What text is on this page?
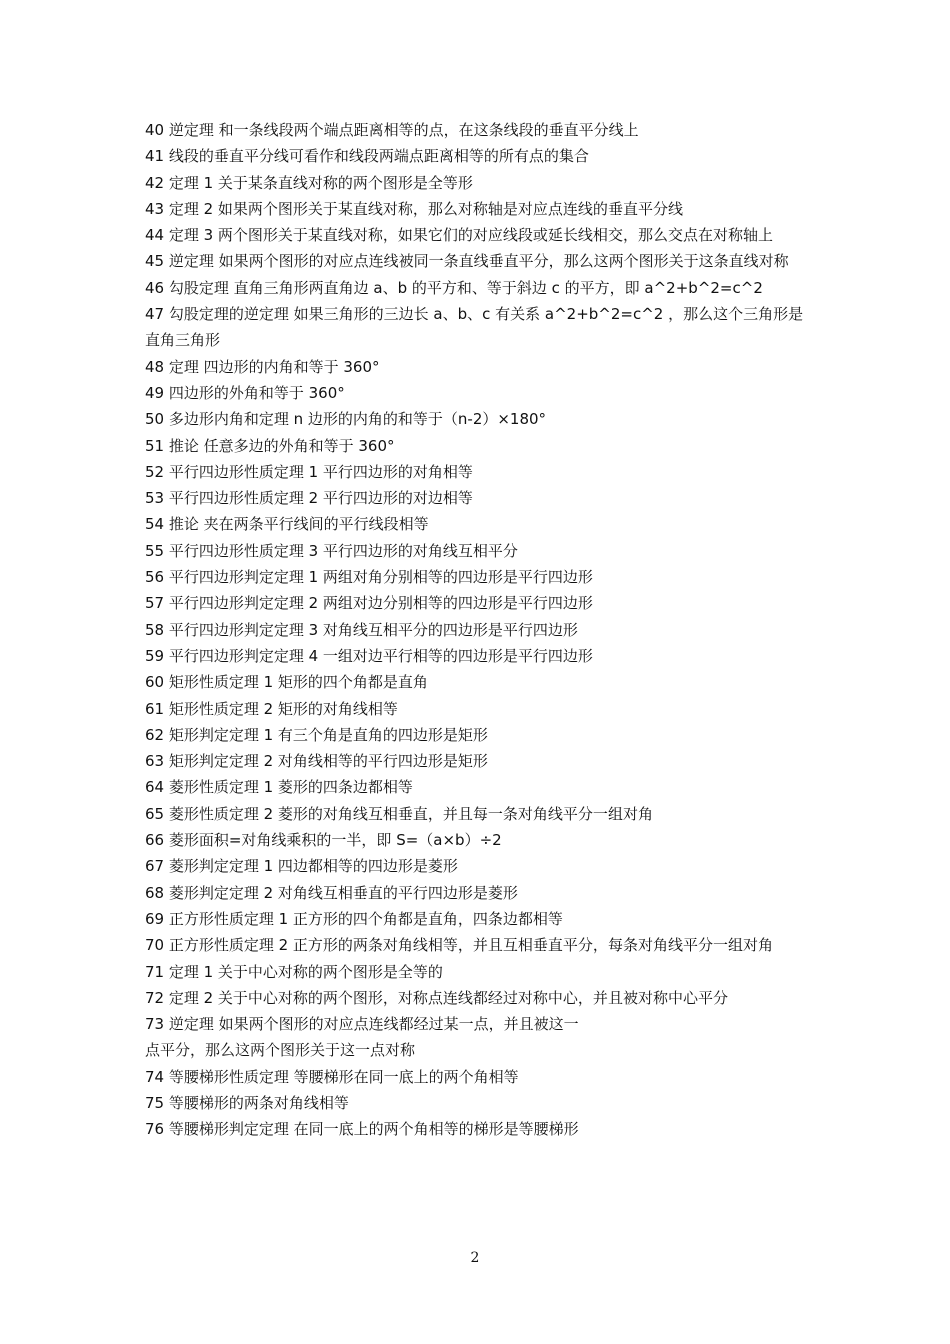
40 逆定理 和一条线段两个端点距离相等的点，在这条线段的垂直平分线上

41 线段的垂直平分线可看作和线段两端点距离相等的所有点的集合

42 定理 1 关于某条直线对称的两个图形是全等形

43 定理 2 如果两个图形关于某直线对称，那么对称轴是对应点连线的垂直平分线

44 定理 3 两个图形关于某直线对称，如果它们的对应线段或延长线相交，那么交点在对称轴上

45 逆定理 如果两个图形的对应点连线被同一条直线垂直平分，那么这两个图形关于这条直线对称

46 勾股定理 直角三角形两直角边 a、b 的平方和、等于斜边 c 的平方，即 a^2+b^2=c^2

47 勾股定理的逆定理 如果三角形的三边长 a、b、c 有关系 a^2+b^2=c^2 ，那么这个三角形是直角三角形

48 定理 四边形的内角和等于 360°

49 四边形的外角和等于 360°

50 多边形内角和定理 n 边形的内角的和等于（n-2）×180°

51 推论 任意多边的外角和等于 360°

52 平行四边形性质定理 1 平行四边形的对角相等

53 平行四边形性质定理 2 平行四边形的对边相等

54 推论 夹在两条平行线间的平行线段相等

55 平行四边形性质定理 3 平行四边形的对角线互相平分

56 平行四边形判定定理 1 两组对角分别相等的四边形是平行四边形

57 平行四边形判定定理 2 两组对边分别相等的四边形是平行四边形

58 平行四边形判定定理 3 对角线互相平分的四边形是平行四边形

59 平行四边形判定定理 4 一组对边平行相等的四边形是平行四边形

60 矩形性质定理 1 矩形的四个角都是直角

61 矩形性质定理 2 矩形的对角线相等

62 矩形判定定理 1 有三个角是直角的四边形是矩形

63 矩形判定定理 2 对角线相等的平行四边形是矩形

64 菱形性质定理 1 菱形的四条边都相等

65 菱形性质定理 2 菱形的对角线互相垂直，并且每一条对角线平分一组对角

66 菱形面积=对角线乘积的一半，即 S=（a×b）÷2

67 菱形判定定理 1 四边都相等的四边形是菱形

68 菱形判定定理 2 对角线互相垂直的平行四边形是菱形

69 正方形性质定理 1 正方形的四个角都是直角，四条边都相等

70 正方形性质定理 2 正方形的两条对角线相等，并且互相垂直平分，每条对角线平分一组对角

71 定理 1 关于中心对称的两个图形是全等的

72 定理 2 关于中心对称的两个图形，对称点连线都经过对称中心，并且被对称中心平分

73 逆定理 如果两个图形的对应点连线都经过某一点，并且被这一

点平分，那么这两个图形关于这一点对称

74 等腰梯形性质定理 等腰梯形在同一底上的两个角相等

75 等腰梯形的两条对角线相等

76 等腰梯形判定定理 在同一底上的两个角相等的梯形是等腰梯形

2
